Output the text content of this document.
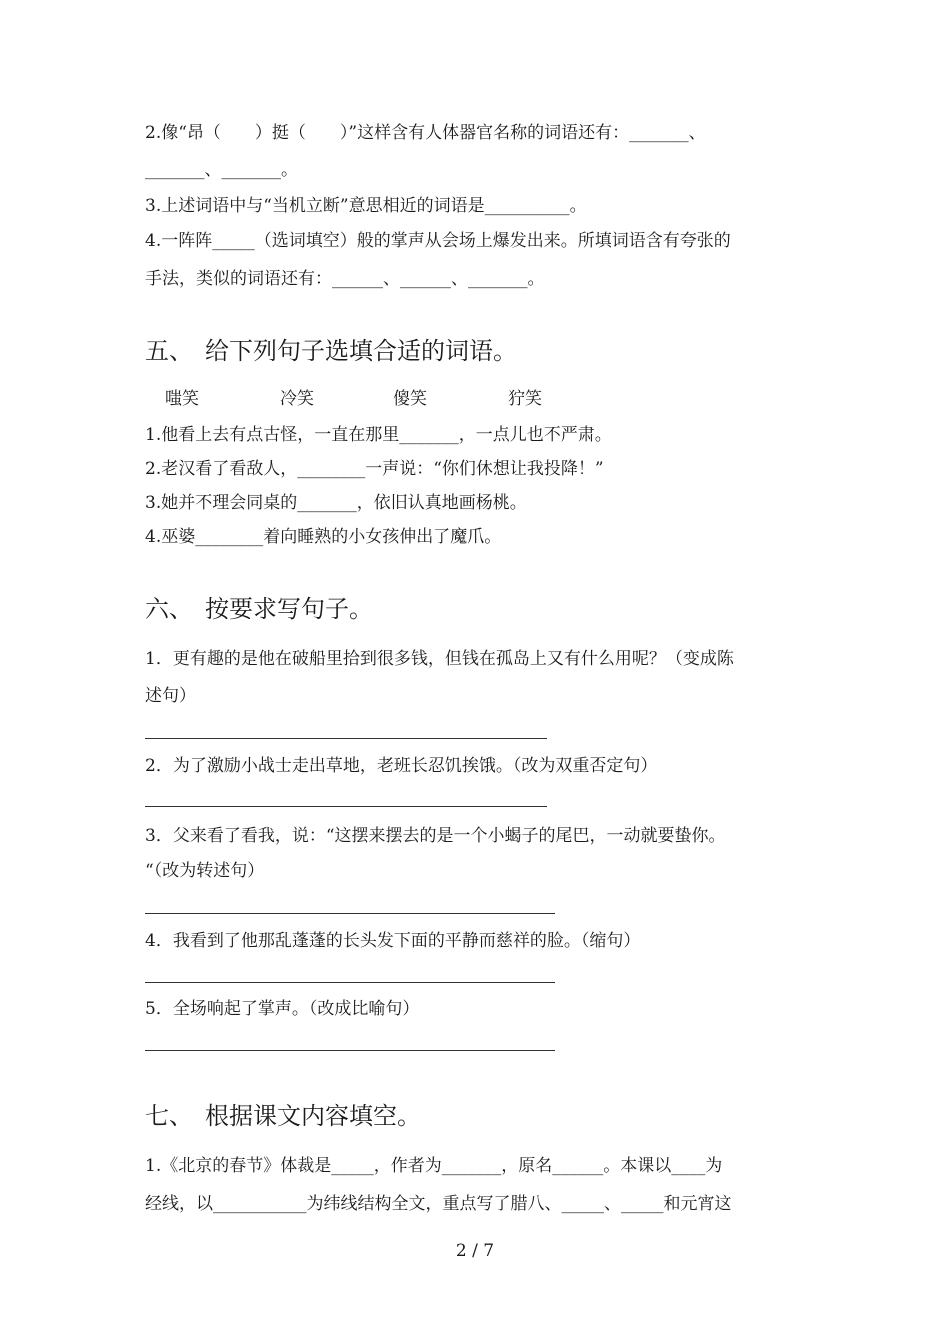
2.像“昂（　　）挺（　　）”这样含有人体器官名称的词语还有：_______、
_______、_______。
3.上述词语中与“当机立断”意思相近的词语是__________。
4.一阵阵_____（选词填空）般的掌声从会场上爆发出来。所填词语含有夸张的
手法，类似的词语还有：______、______、_______。
五、　给下列句子选填合适的词语。
嗤笑	冷笑	傻笑	狞笑
1.他看上去有点古怪，一直在那里_______，一点儿也不严肃。
2.老汉看了看敌人，________一声说：“你们休想让我投降！”
3.她并不理会同桌的_______，依旧认真地画杨桃。
4.巫婆________着向睡熟的小女孩伸出了魔爪。
六、　按要求写句子。
1．更有趣的是他在破船里拾到很多钱，但钱在孤岛上又有什么用呢？（变成陈
述句）
2．为了激励小战士走出草地，老班长忍饥挨饿。（改为双重否定句）
3．父来看了看我，说：“这摆来摆去的是一个小蝎子的尾巴，一动就要蛰你。
“（改为转述句）
4．我看到了他那乱蓬蓬的长头发下面的平静而慈祥的脸。（缩句）
5．全场响起了掌声。（改成比喻句）
七、　根据课文内容填空。
1.《北京的春节》体裁是_____，作者为_______，原名______。本课以____为
经线，以___________为纬线结构全文，重点写了腊八、_____、_____和元宵这
2 / 7
